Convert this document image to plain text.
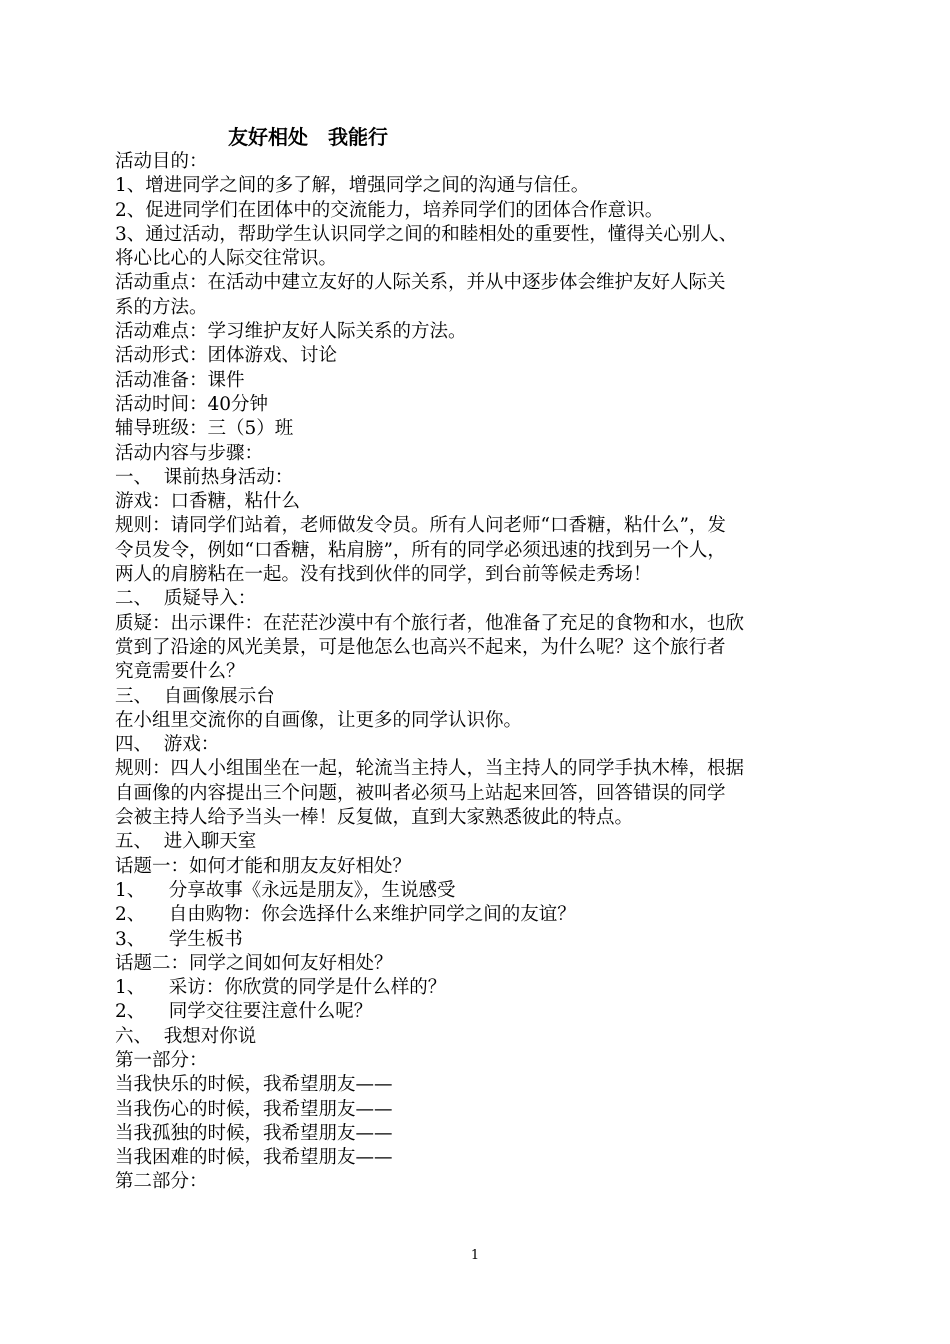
友好相处　我能行
活动目的：
1、增进同学之间的多了解，增强同学之间的沟通与信任。
2、促进同学们在团体中的交流能力，培养同学们的团体合作意识。
3、通过活动，帮助学生认识同学之间的和睦相处的重要性，懂得关心别人、
将心比心的人际交往常识。
活动重点：在活动中建立友好的人际关系，并从中逐步体会维护友好人际关
系的方法。
活动难点：学习维护友好人际关系的方法。
活动形式：团体游戏、讨论
活动准备：课件
活动时间：40分钟
辅导班级：三（5）班
活动内容与步骤：
一、  课前热身活动：
游戏：口香糖，粘什么
规则：请同学们站着，老师做发令员。所有人问老师“口香糖，粘什么”，发
令员发令，例如“口香糖，粘肩膀”，所有的同学必须迅速的找到另一个人，
两人的肩膀粘在一起。没有找到伙伴的同学，到台前等候走秀场！
二、  质疑导入：
质疑：出示课件：在茫茫沙漠中有个旅行者，他准备了充足的食物和水，也欣
赏到了沿途的风光美景，可是他怎么也高兴不起来，为什么呢？这个旅行者
究竟需要什么？
三、  自画像展示台
在小组里交流你的自画像，让更多的同学认识你。
四、  游戏：
规则：四人小组围坐在一起，轮流当主持人，当主持人的同学手执木棒，根据
自画像的内容提出三个问题，被叫者必须马上站起来回答，回答错误的同学
会被主持人给予当头一棒！反复做，直到大家熟悉彼此的特点。
五、  进入聊天室
话题一：如何才能和朋友友好相处？
1、    分享故事《永远是朋友》，生说感受
2、    自由购物：你会选择什么来维护同学之间的友谊？
3、    学生板书
话题二：同学之间如何友好相处？
1、    采访：你欣赏的同学是什么样的？
2、    同学交往要注意什么呢？
六、  我想对你说
第一部分：
当我快乐的时候，我希望朋友——
当我伤心的时候，我希望朋友——
当我孤独的时候，我希望朋友——
当我困难的时候，我希望朋友——
第二部分：
1
